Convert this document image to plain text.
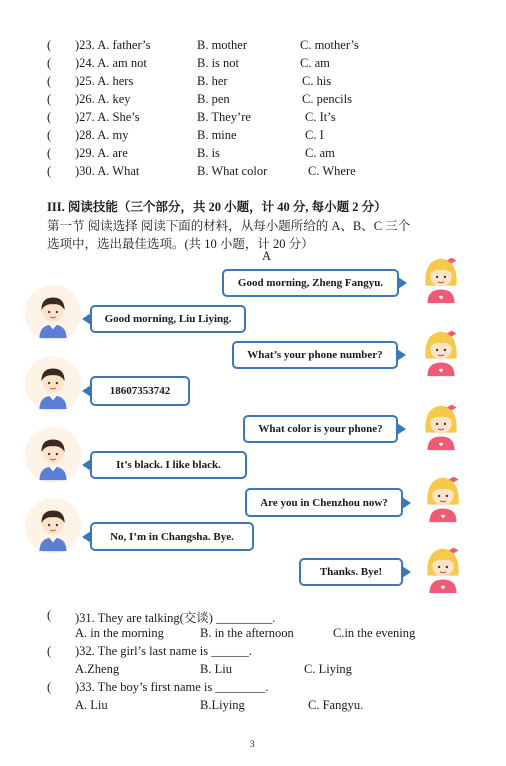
( )23. A. father’s	B. mother	C. mother’s
( )24. A. am not	B. is not	C. am
( )25. A. hers	B. her	C. his
( )26. A. key	B. pen	C. pencils
( )27. A. She’s	B. They’re	C. It’s
( )28. A. my	B. mine	C. I
( )29. A. are	B. is	C. am
( )30. A. What	B. What color	C. Where
III. 阅读技能（三个部分，共 20 小题，计 40 分, 每小题 2 分）
第一节 阅读选择 阅读下面的材料，从每小题所给的 A、B、C 三个
选项中，选出最佳选项。(共 10 小题，计 20 分）
A
Good morning, Zheng Fangyu.
Good morning, Liu Liying.
What’s your phone number?
18607353742
What color is your phone?
It’s black. I like black.
Are you in Chenzhou now?
No, I’m in Changsha. Bye.
Thanks. Bye!
( )31. They are talking(交谈) _________.
A. in the morning	B. in the afternoon	C.in the evening
( )32. The girl’s last name is ______.
A.Zheng	B. Liu	C. Liying
( )33. The boy’s first name is ________.
A. Liu	B.Liying	C. Fangyu.
3
